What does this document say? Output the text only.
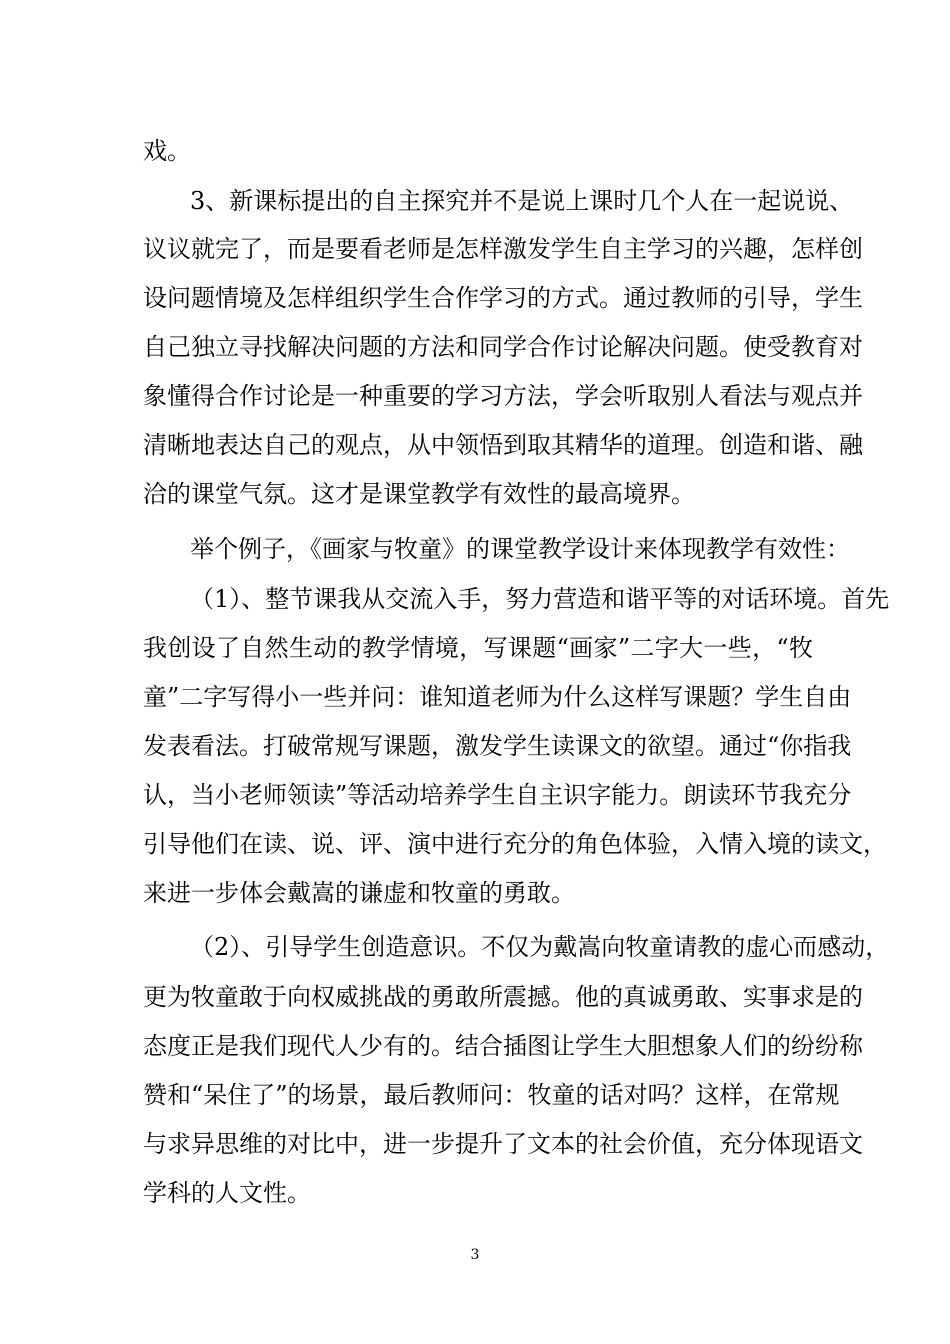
戏。
3、新课标提出的自主探究并不是说上课时几个人在一起说说、
议议就完了，而是要看老师是怎样激发学生自主学习的兴趣，怎样创
设问题情境及怎样组织学生合作学习的方式。通过教师的引导，学生
自己独立寻找解决问题的方法和同学合作讨论解决问题。使受教育对
象懂得合作讨论是一种重要的学习方法，学会听取别人看法与观点并
清晰地表达自己的观点，从中领悟到取其精华的道理。创造和谐、融
洽的课堂气氛。这才是课堂教学有效性的最高境界。
举个例子，《画家与牧童》的课堂教学设计来体现教学有效性：
（1）、整节课我从交流入手，努力营造和谐平等的对话环境。首先
我创设了自然生动的教学情境，写课题“画家”二字大一些，“牧
童”二字写得小一些并问：谁知道老师为什么这样写课题？学生自由
发表看法。打破常规写课题，激发学生读课文的欲望。通过“你指我
认，当小老师领读”等活动培养学生自主识字能力。朗读环节我充分
引导他们在读、说、评、演中进行充分的角色体验，入情入境的读文，
来进一步体会戴嵩的谦虚和牧童的勇敢。
（2）、引导学生创造意识。不仅为戴嵩向牧童请教的虚心而感动，
更为牧童敢于向权威挑战的勇敢所震撼。他的真诚勇敢、实事求是的
态度正是我们现代人少有的。结合插图让学生大胆想象人们的纷纷称
赞和“呆住了”的场景，最后教师问：牧童的话对吗？这样，在常规
与求异思维的对比中，进一步提升了文本的社会价值，充分体现语文
学科的人文性。
3
